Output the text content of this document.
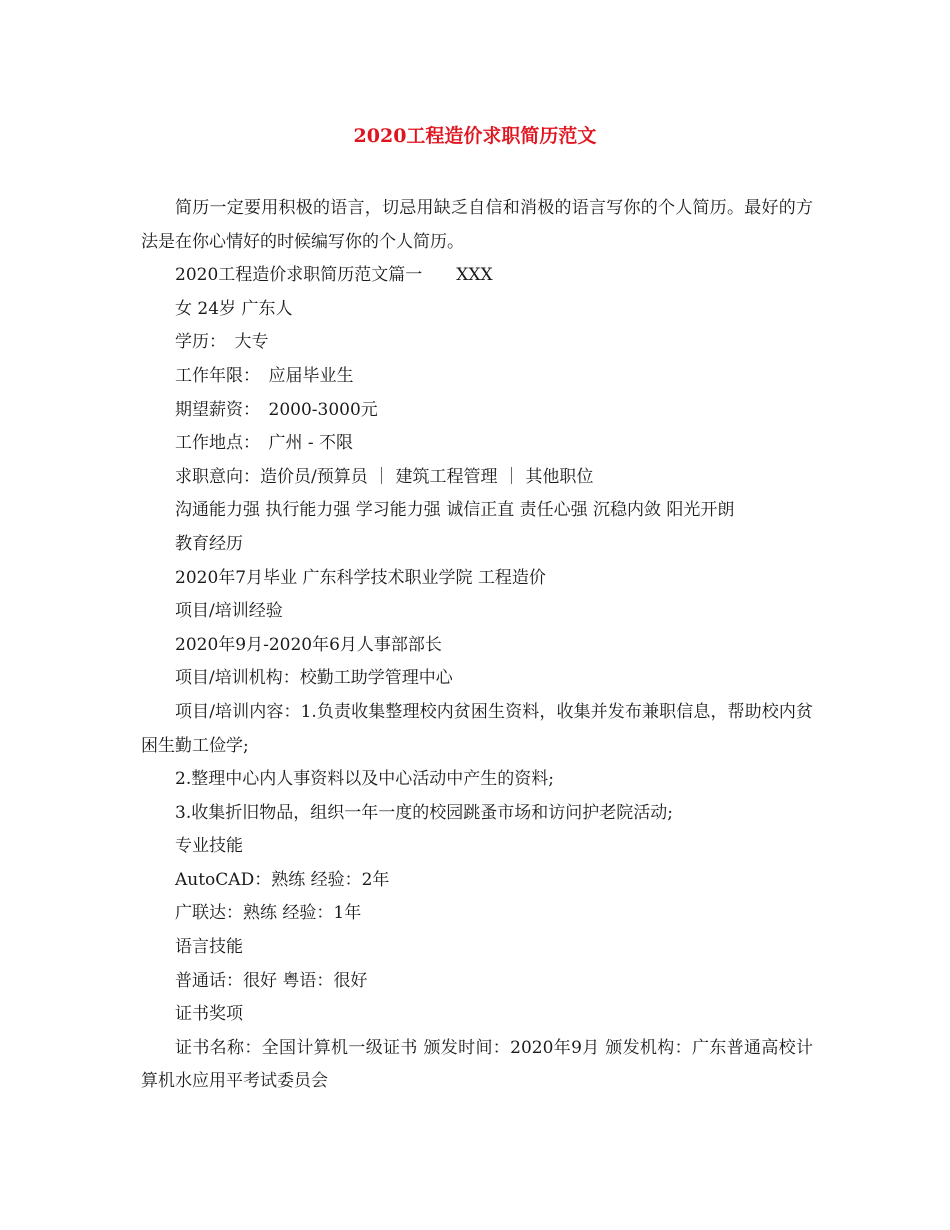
2020工程造价求职简历范文

简历一定要用积极的语言，切忌用缺乏自信和消极的语言写你的个人简历。最好的方法是在你心情好的时候编写你的个人简历。

2020工程造价求职简历范文篇一　　XXX

女 24岁 广东人

学历：　大专

工作年限：　应届毕业生

期望薪资：　2000-3000元

工作地点：　广州 - 不限

求职意向：造价员/预算员 ｜ 建筑工程管理 ｜ 其他职位

沟通能力强 执行能力强 学习能力强 诚信正直 责任心强 沉稳内敛 阳光开朗

教育经历

2020年7月毕业 广东科学技术职业学院 工程造价

项目/培训经验

2020年9月-2020年6月人事部部长

项目/培训机构：校勤工助学管理中心

项目/培训内容：1.负责收集整理校内贫困生资料，收集并发布兼职信息，帮助校内贫困生勤工俭学;

2.整理中心内人事资料以及中心活动中产生的资料;

3.收集折旧物品，组织一年一度的校园跳蚤市场和访问护老院活动;

专业技能

AutoCAD：熟练 经验：2年

广联达：熟练 经验：1年

语言技能

普通话：很好 粤语：很好

证书奖项

证书名称：全国计算机一级证书 颁发时间：2020年9月 颁发机构：广东普通高校计算机水应用平考试委员会
